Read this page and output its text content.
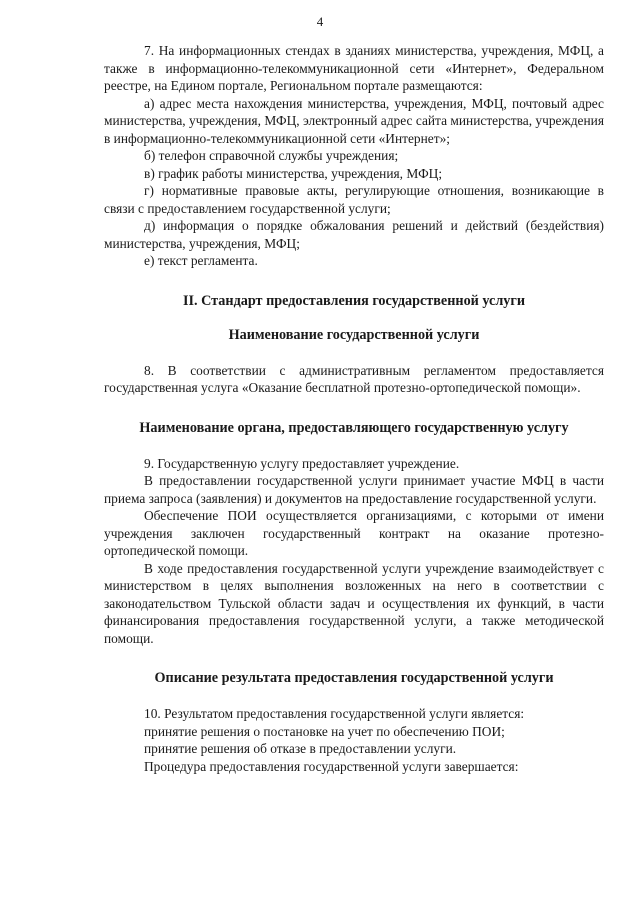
4

7. На информационных стендах в зданиях министерства, учреждения, МФЦ, а также в информационно-телекоммуникационной сети «Интернет», Федеральном реестре, на Едином портале, Региональном портале размещаются:

а) адрес места нахождения министерства, учреждения, МФЦ, почтовый адрес министерства, учреждения, МФЦ, электронный адрес сайта министерства, учреждения в информационно-телекоммуникационной сети «Интернет»;

б) телефон справочной службы учреждения;

в) график работы министерства, учреждения, МФЦ;

г) нормативные правовые акты, регулирующие отношения, возникающие в связи с предоставлением государственной услуги;

д) информация о порядке обжалования решений и действий (бездействия) министерства, учреждения, МФЦ;

е) текст регламента.

II. Стандарт предоставления государственной услуги

Наименование государственной услуги

8. В соответствии с административным регламентом предоставляется государственная услуга «Оказание бесплатной протезно-ортопедической помощи».

Наименование органа, предоставляющего государственную услугу

9. Государственную услугу предоставляет учреждение.

В предоставлении государственной услуги принимает участие МФЦ в части приема запроса (заявления) и документов на предоставление государственной услуги.

Обеспечение ПОИ осуществляется организациями, с которыми от имени учреждения заключен государственный контракт на оказание протезно-ортопедической помощи.

В ходе предоставления государственной услуги учреждение взаимодействует с министерством в целях выполнения возложенных на него в соответствии с законодательством Тульской области задач и осуществления их функций, в части финансирования предоставления государственной услуги, а также методической помощи.

Описание результата предоставления государственной услуги

10. Результатом предоставления государственной услуги является:

принятие решения о постановке на учет по обеспечению ПОИ;

принятие решения об отказе в предоставлении услуги.

Процедура предоставления государственной услуги завершается:
